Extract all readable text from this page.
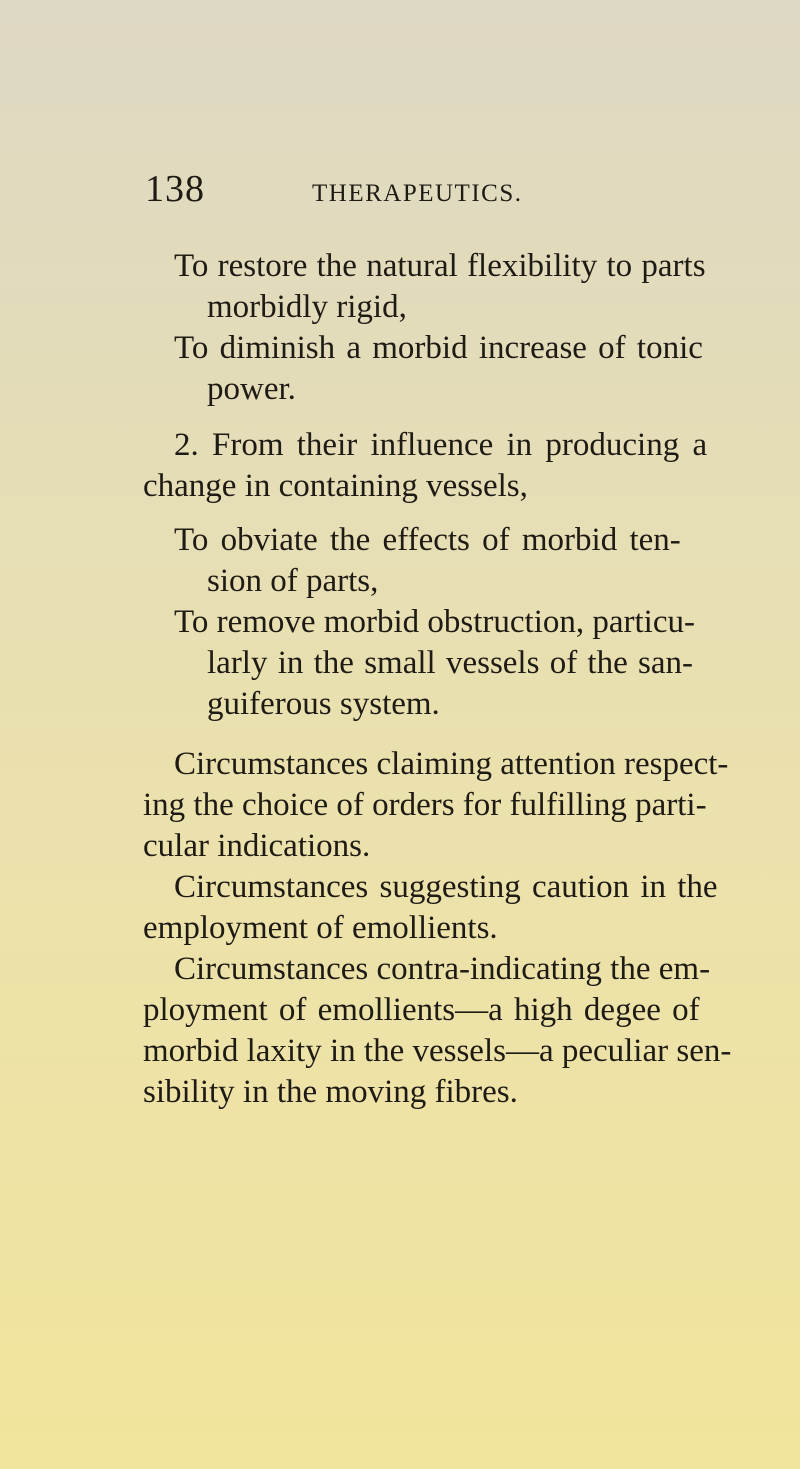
138	THERAPEUTICS.
To restore the natural flexibility to parts
morbidly rigid,
To diminish a morbid increase of tonic
power.
2. From their influence in producing a
change in containing vessels,
To obviate the effects of morbid ten-
sion of parts,
To remove morbid obstruction, particu-
larly in the small vessels of the san-
guiferous system.
Circumstances claiming attention respect-
ing the choice of orders for fulfilling parti-
cular indications.
Circumstances suggesting caution in the
employment of emollients.
Circumstances contra-indicating the em-
ployment of emollients—a high degee of
morbid laxity in the vessels—a peculiar sen-
sibility in the moving fibres.
